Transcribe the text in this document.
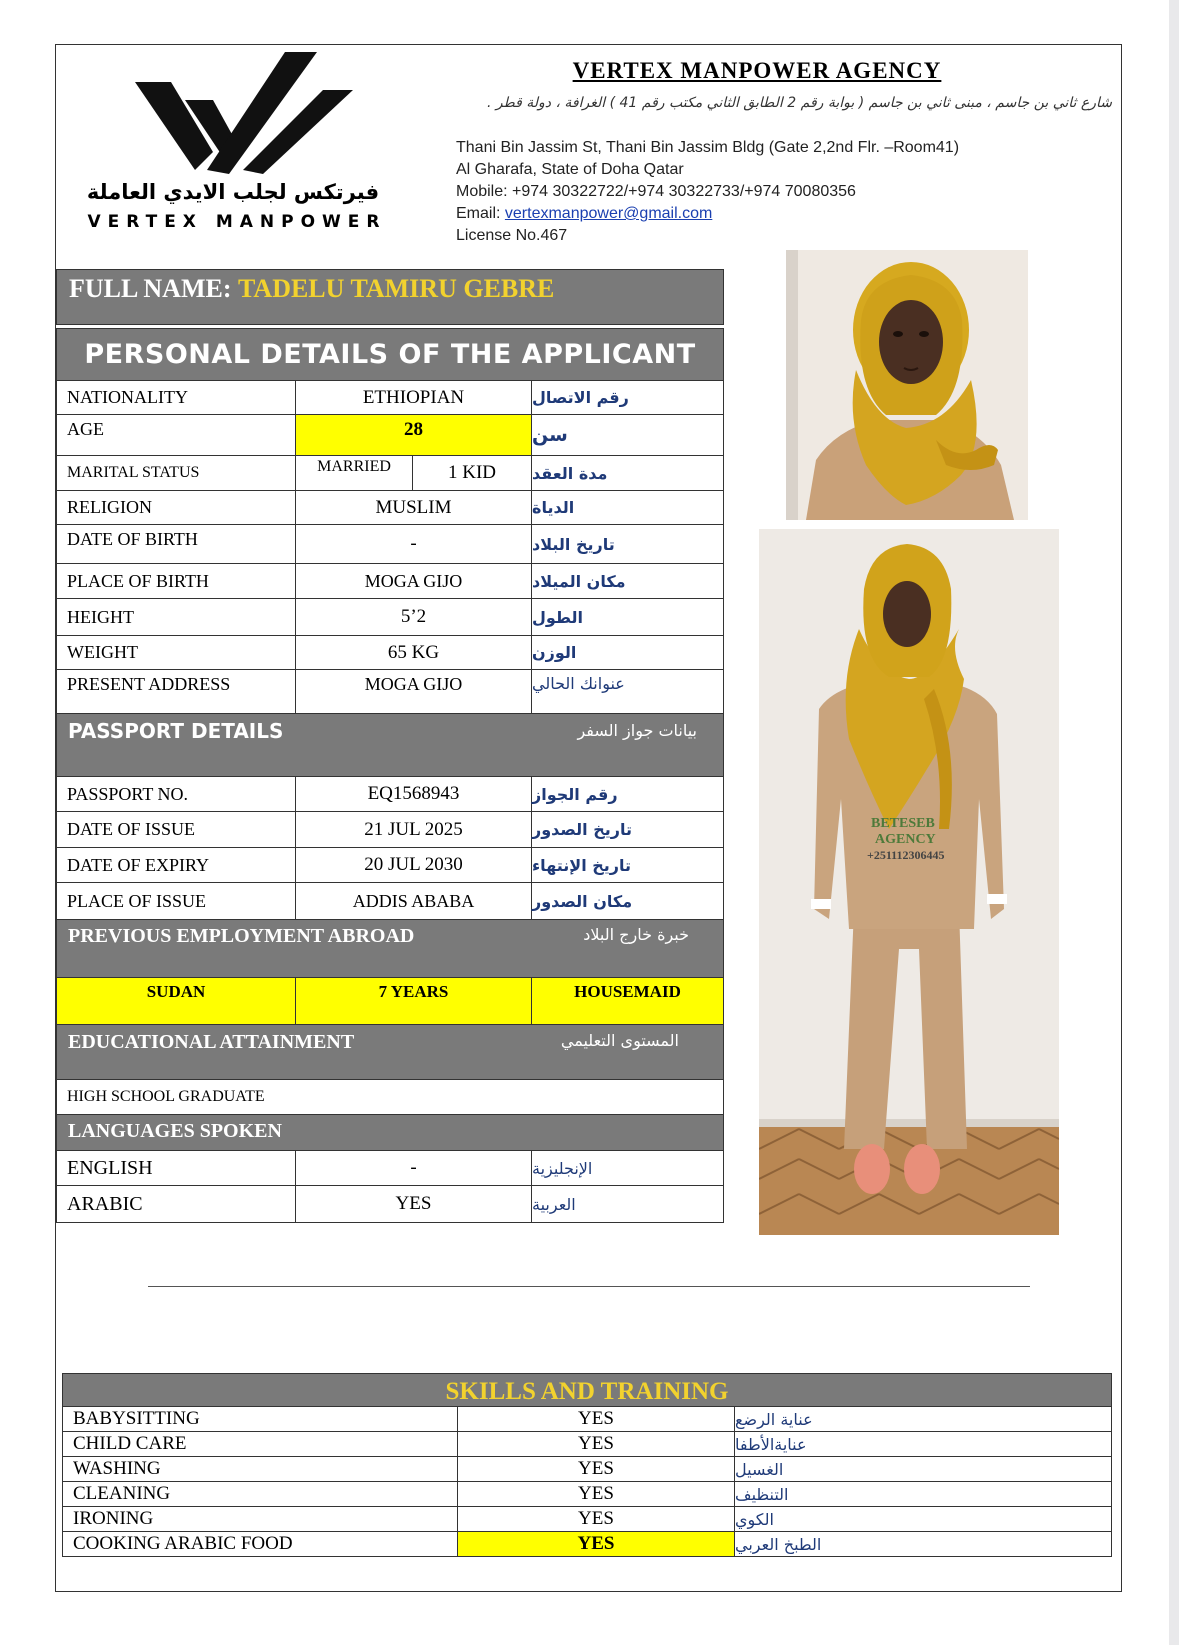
فيرتكس لجلب الايدي العاملة
VERTEX MANPOWER
VERTEX MANPOWER AGENCY
شارع ثاني بن جاسم ، مبنى ثاني بن جاسم ( بوابة رقم 2 الطابق الثاني مكتب رقم 41 ) الغرافة ، دولة قطر .
Thani Bin Jassim St, Thani Bin Jassim Bldg (Gate 2,2nd Flr. –Room41)
Al Gharafa, State of Doha Qatar
Mobile: +974 30322722/+974 30322733/+974 70080356
Email: vertexmanpower@gmail.com
License No.467
FULL NAME:
TADELU TAMIRU GEBRE
PERSONAL DETAILS OF THE APPLICANT
NATIONALITY	ETHIOPIAN	رقم الاتصال
AGE	28	سن
MARITAL STATUS	MARRIED	1 KID	مدة العقد
RELIGION	MUSLIM	الدياة
DATE OF BIRTH	-	تاريخ البلاد
PLACE OF BIRTH	MOGA GIJO	مكان الميلاد
HEIGHT	5’2	الطول
WEIGHT	65 KG	الوزن
PRESENT ADDRESS	MOGA GIJO	عنوانك الحالي
PASSPORT DETAILS	بيانات جواز السفر
PASSPORT NO.	EQ1568943	رقم الجواز
DATE OF ISSUE	21 JUL 2025	تاريخ الصدور
DATE OF EXPIRY	20 JUL 2030	تاريخ الإنتهاء
PLACE OF ISSUE	ADDIS ABABA	مكان الصدور
PREVIOUS EMPLOYMENT ABROAD	خبرة خارج البلاد
SUDAN	7 YEARS	HOUSEMAID
EDUCATIONAL ATTAINMENT	المستوى التعليمي
HIGH SCHOOL GRADUATE
LANGUAGES SPOKEN
ENGLISH	-	الإنجليزية
ARABIC	YES	العربية
BETESEB
AGENCY
+251112306445
SKILLS AND TRAINING
BABYSITTING	YES	عناية الرضع
CHILD CARE	YES	عنايةالأطفا
WASHING	YES	الغسيل
CLEANING	YES	التنظيف
IRONING	YES	الكوي
COOKING ARABIC FOOD	YES	الطبخ العربي
